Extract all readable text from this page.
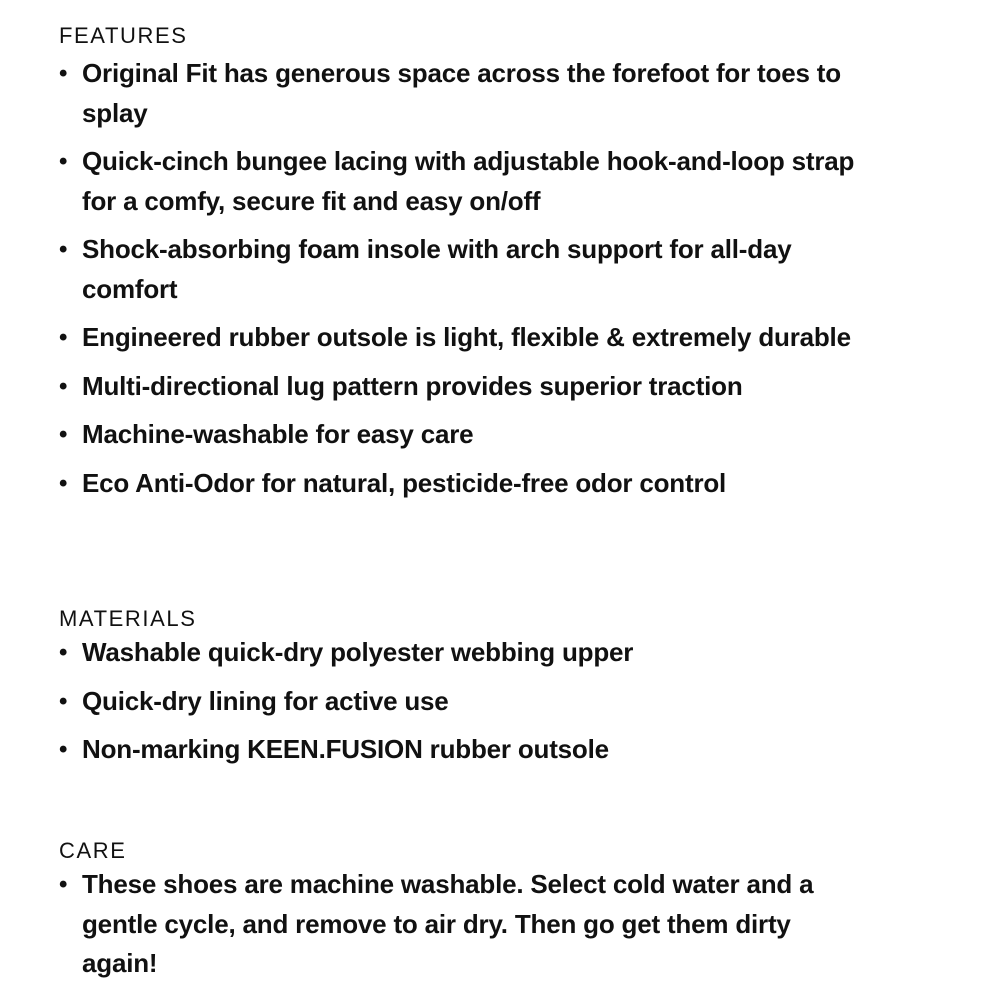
FEATURES
• Original Fit has generous space across the forefoot for toes to splay
• Quick-cinch bungee lacing with adjustable hook-and-loop strap for a comfy, secure fit and easy on/off
• Shock-absorbing foam insole with arch support for all-day comfort
• Engineered rubber outsole is light, flexible & extremely durable
• Multi-directional lug pattern provides superior traction
• Machine-washable for easy care
• Eco Anti-Odor for natural, pesticide-free odor control
MATERIALS
• Washable quick-dry polyester webbing upper
• Quick-dry lining for active use
• Non-marking KEEN.FUSION rubber outsole
CARE
• These shoes are machine washable. Select cold water and a gentle cycle, and remove to air dry. Then go get them dirty again!
